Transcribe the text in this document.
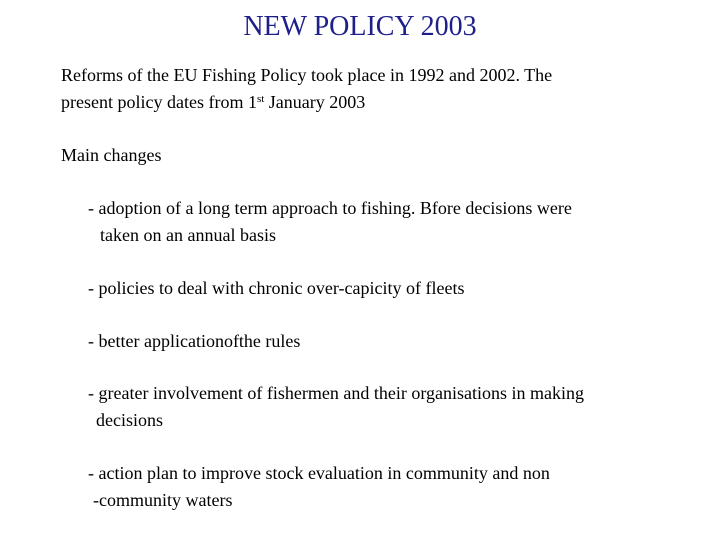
NEW POLICY 2003
Reforms of the EU Fishing Policy took place in 1992 and 2002. The
present policy dates from 1st January 2003
Main changes
- adoption of a long term approach to fishing. Bfore decisions were
taken on an annual basis
- policies to deal with chronic over-capicity of fleets
- better applicationofthe rules
- greater involvement of fishermen and their organisations in making
decisions
- action plan to improve stock evaluation in community and non
-community waters
